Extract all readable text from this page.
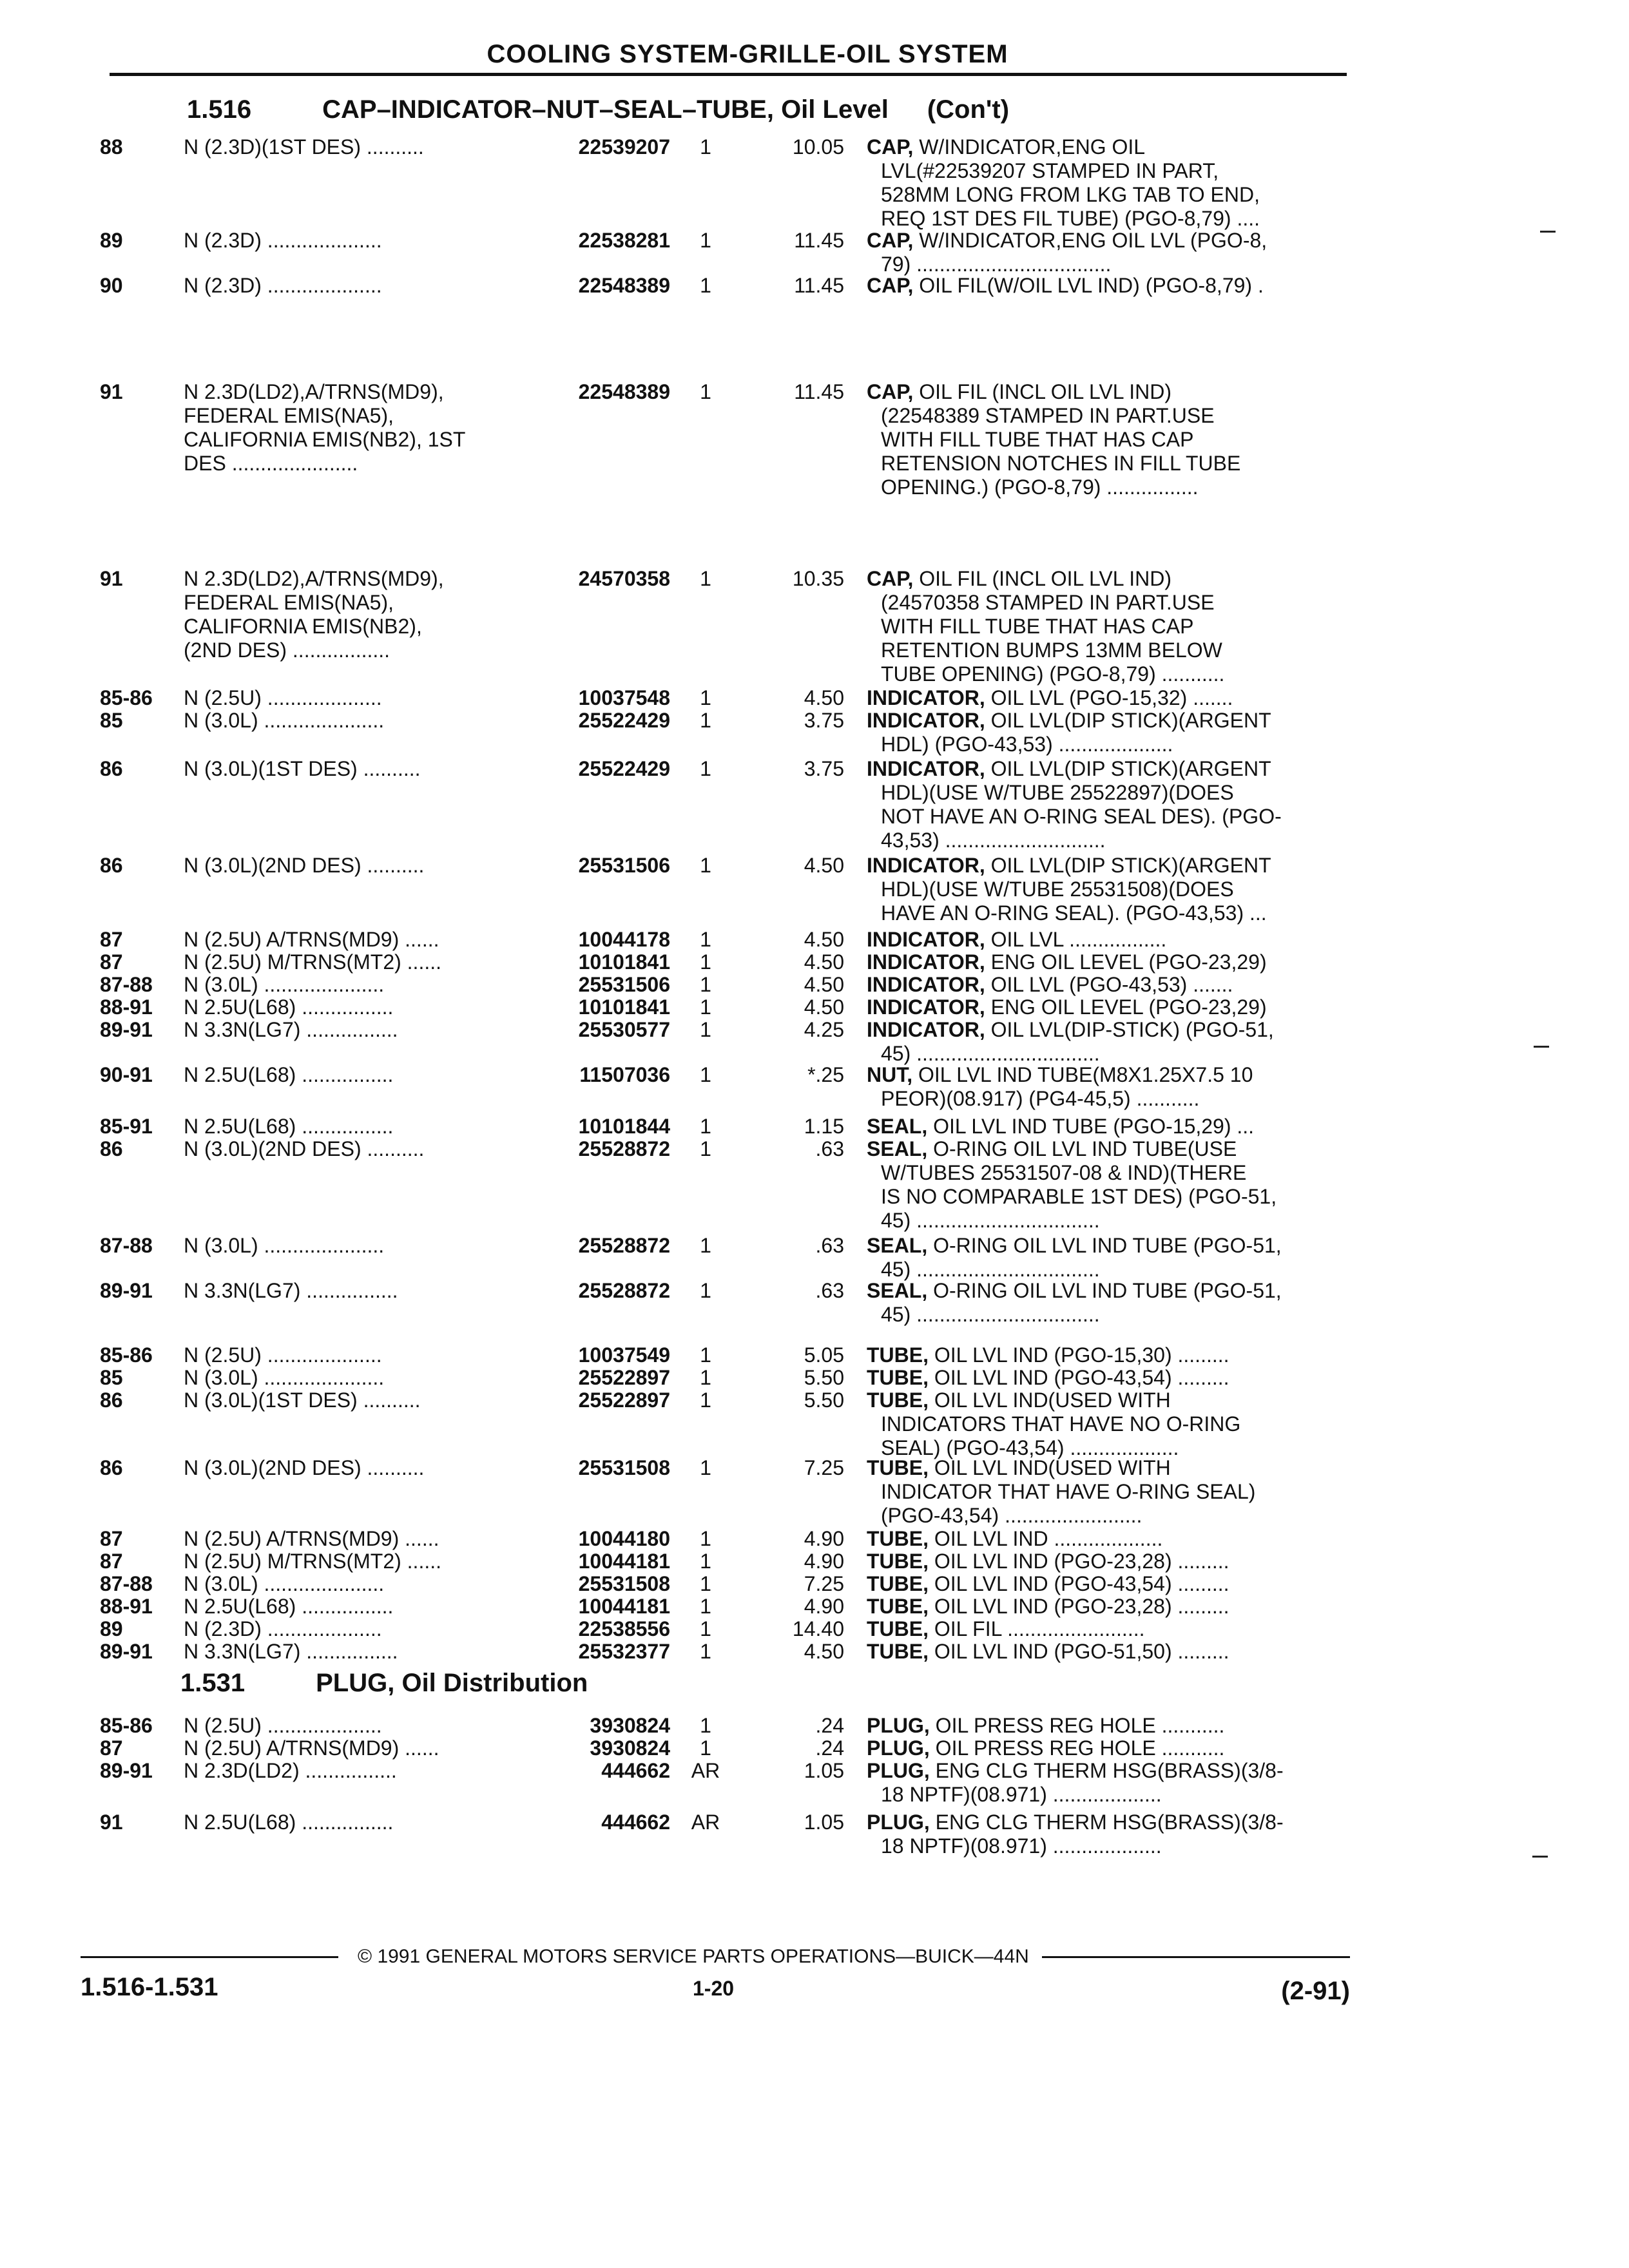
COOLING SYSTEM-GRILLE-OIL SYSTEM
1.516	CAP–INDICATOR–NUT–SEAL–TUBE, Oil Level (Con't)
1.531	PLUG, Oil Distribution
88	N (2.3D)(1ST DES) ..........	22539207	1	10.05 CAP, W/INDICATOR,ENG OIL
LVL(#22539207 STAMPED IN PART,
528MM LONG FROM LKG TAB TO END,
REQ 1ST DES FIL TUBE) (PGO-8,79) ....
89	N (2.3D) ....................	22538281	1	11.45 CAP, W/INDICATOR,ENG OIL LVL (PGO-8,
79) ..................................
90	N (2.3D) ....................	22548389	1	11.45 CAP, OIL FIL(W/OIL LVL IND) (PGO-8,79) .
91	N 2.3D(LD2),A/TRNS(MD9),
FEDERAL EMIS(NA5),
CALIFORNIA EMIS(NB2), 1ST
DES ......................
22548389	1	11.45 CAP, OIL FIL (INCL OIL LVL IND)
(22548389 STAMPED IN PART.USE
WITH FILL TUBE THAT HAS CAP
RETENSION NOTCHES IN FILL TUBE
OPENING.) (PGO-8,79) ................
91	N 2.3D(LD2),A/TRNS(MD9),
FEDERAL EMIS(NA5),
CALIFORNIA EMIS(NB2),
(2ND DES) .................
24570358	1	10.35 CAP, OIL FIL (INCL OIL LVL IND)
(24570358 STAMPED IN PART.USE
WITH FILL TUBE THAT HAS CAP
RETENTION BUMPS 13MM BELOW
TUBE OPENING) (PGO-8,79) ...........
85-86	N (2.5U) ....................	10037548	1	4.50 INDICATOR, OIL LVL (PGO-15,32) .......
85	N (3.0L) .....................	25522429	1	3.75 INDICATOR, OIL LVL(DIP STICK)(ARGENT
HDL) (PGO-43,53) ....................
86	N (3.0L)(1ST DES) ..........	25522429	1	3.75 INDICATOR, OIL LVL(DIP STICK)(ARGENT
HDL)(USE W/TUBE 25522897)(DOES
NOT HAVE AN O-RING SEAL DES). (PGO-
43,53) ............................
86	N (3.0L)(2ND DES) ..........	25531506	1	4.50 INDICATOR, OIL LVL(DIP STICK)(ARGENT
HDL)(USE W/TUBE 25531508)(DOES
HAVE AN O-RING SEAL). (PGO-43,53) ...
87	N (2.5U) A/TRNS(MD9) ......	10044178	1	4.50 INDICATOR, OIL LVL .................
87	N (2.5U) M/TRNS(MT2) ......	10101841	1	4.50 INDICATOR, ENG OIL LEVEL (PGO-23,29)
87-88	N (3.0L) .....................	25531506	1	4.50 INDICATOR, OIL LVL (PGO-43,53) .......
88-91	N 2.5U(L68) ................	10101841	1	4.50 INDICATOR, ENG OIL LEVEL (PGO-23,29)
89-91	N 3.3N(LG7) ................	25530577	1	4.25 INDICATOR, OIL LVL(DIP-STICK) (PGO-51,
45) ................................
90-91	N 2.5U(L68) ................	11507036	1	*.25 NUT, OIL LVL IND TUBE(M8X1.25X7.5 10
PEOR)(08.917) (PG4-45,5) ...........
85-91	N 2.5U(L68) ................	10101844	1	1.15 SEAL, OIL LVL IND TUBE (PGO-15,29) ...
86	N (3.0L)(2ND DES) ..........	25528872	1	.63 SEAL, O-RING OIL LVL IND TUBE(USE
W/TUBES 25531507-08 & IND)(THERE
IS NO COMPARABLE 1ST DES) (PGO-51,
45) ................................
87-88	N (3.0L) .....................	25528872	1	.63 SEAL, O-RING OIL LVL IND TUBE (PGO-51,
45) ................................
89-91	N 3.3N(LG7) ................	25528872	1	.63 SEAL, O-RING OIL LVL IND TUBE (PGO-51,
45) ................................
85-86	N (2.5U) ....................	10037549	1	5.05 TUBE, OIL LVL IND (PGO-15,30) .........
85	N (3.0L) .....................	25522897	1	5.50 TUBE, OIL LVL IND (PGO-43,54) .........
86	N (3.0L)(1ST DES) ..........	25522897	1	5.50 TUBE, OIL LVL IND(USED WITH
INDICATORS THAT HAVE NO O-RING
SEAL) (PGO-43,54) ...................
86	N (3.0L)(2ND DES) ..........	25531508	1	7.25 TUBE, OIL LVL IND(USED WITH
INDICATOR THAT HAVE O-RING SEAL)
(PGO-43,54) ........................
87	N (2.5U) A/TRNS(MD9) ......	10044180	1	4.90 TUBE, OIL LVL IND ...................
87	N (2.5U) M/TRNS(MT2) ......	10044181	1	4.90 TUBE, OIL LVL IND (PGO-23,28) .........
87-88	N (3.0L) .....................	25531508	1	7.25 TUBE, OIL LVL IND (PGO-43,54) .........
88-91	N 2.5U(L68) ................	10044181	1	4.90 TUBE, OIL LVL IND (PGO-23,28) .........
89	N (2.3D) ....................	22538556	1	14.40 TUBE, OIL FIL ........................
89-91	N 3.3N(LG7) ................	25532377	1	4.50 TUBE, OIL LVL IND (PGO-51,50) .........
85-86	N (2.5U) ....................	3930824	1	.24 PLUG, OIL PRESS REG HOLE ...........
87	N (2.5U) A/TRNS(MD9) ......	3930824	1	.24 PLUG, OIL PRESS REG HOLE ...........
89-91	N 2.3D(LD2) ................	444662	AR	1.05 PLUG, ENG CLG THERM HSG(BRASS)(3/8-
18 NPTF)(08.971) ...................
91	N 2.5U(L68) ................	444662	AR	1.05 PLUG, ENG CLG THERM HSG(BRASS)(3/8-
18 NPTF)(08.971) ...................
© 1991 GENERAL MOTORS SERVICE PARTS OPERATIONS—BUICK—44N
1.516-1.531	1-20	(2-91)
